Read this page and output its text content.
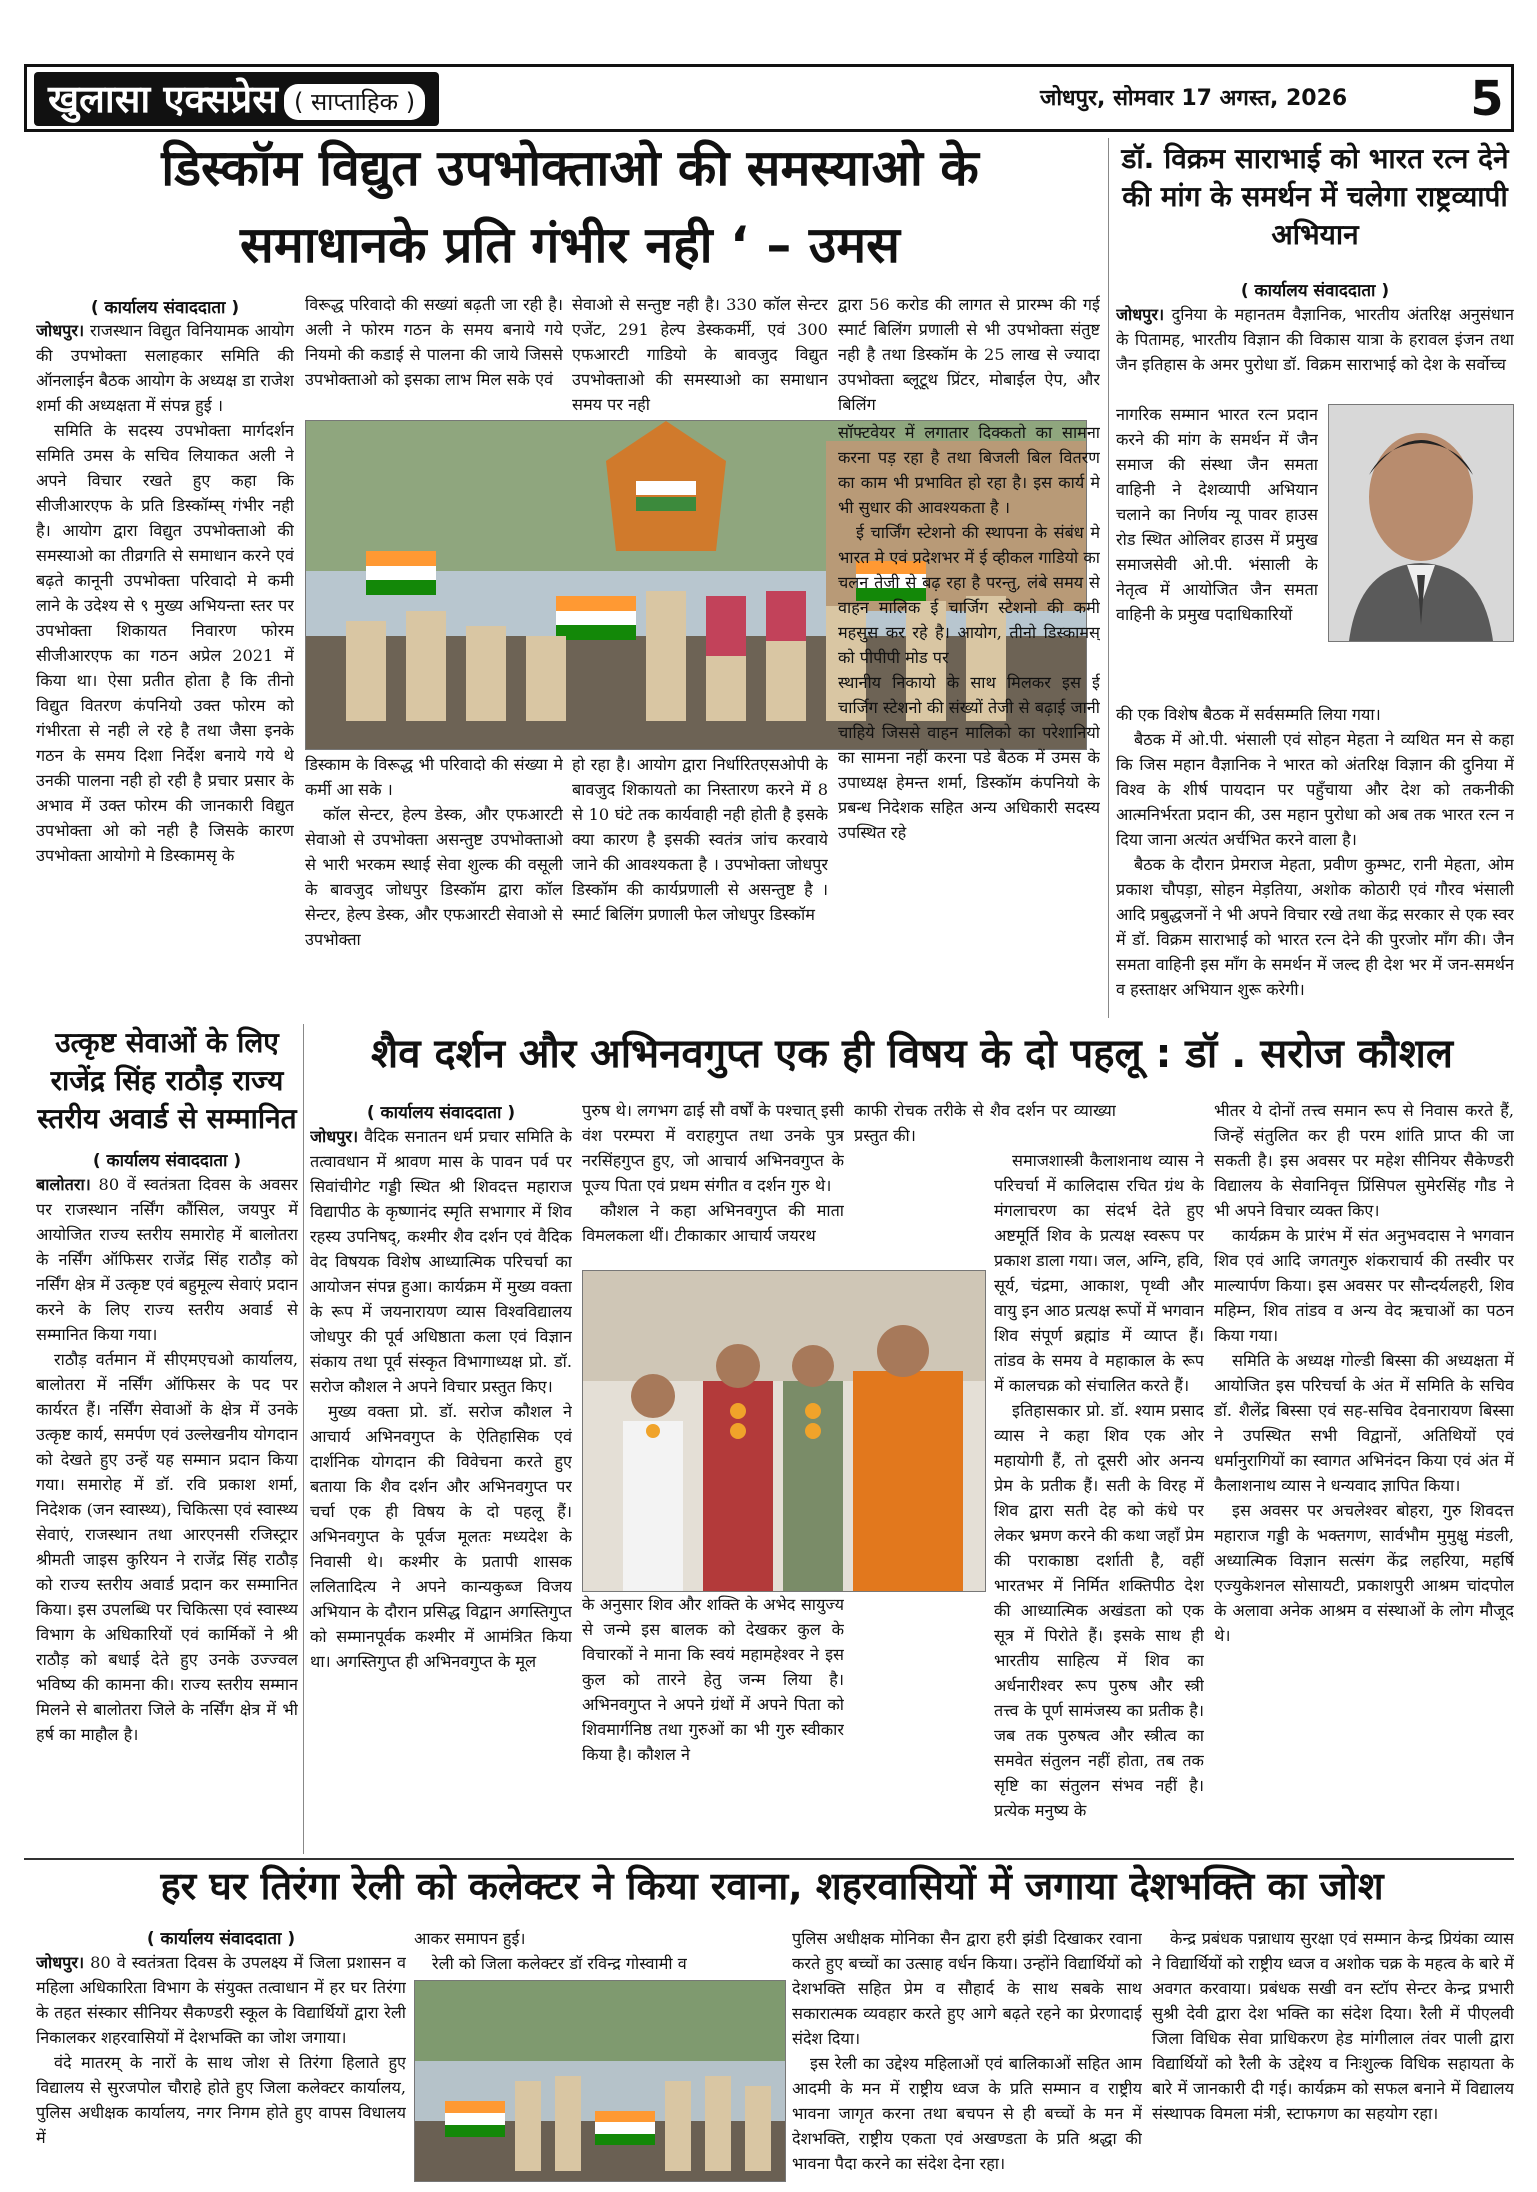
खुलासा एक्सप्रेस ( साप्ताहिक )	जोधपुर, सोमवार 17 अगस्त, 2026	5
डिस्कॉम विद्युत उपभोक्ताओ की समस्याओ के
समाधानके प्रति गंभीर नही ‘ – उमस
( कार्यालय संवाददाता )

जोधपुर। राजस्थान विद्युत विनियामक आयोग की उपभोक्ता सलाहकार समिति की ऑनलाईन बैठक आयोग के अध्यक्ष डा राजेश शर्मा की अध्यक्षता में संपन्न हुई ।

समिति के सदस्य उपभोक्ता मार्गदर्शन समिति उमस के सचिव लियाकत अली ने अपने विचार रखते हुए कहा कि सीजीआरएफ के प्रति डिस्कॉम्स् गंभीर नही है। आयोग द्वारा विद्युत उपभोक्ताओ की समस्याओ का तीव्रगति से समाधान करने एवं बढ़ते कानूनी उपभोक्ता परिवादो मे कमी लाने के उदेश्य से ९ मुख्य अभियन्ता स्तर पर उपभोक्ता शिकायत निवारण फोरम सीजीआरएफ का गठन अप्रेल 2021 में किया था। ऐसा प्रतीत होता है कि तीनो विद्युत वितरण कंपनियो उक्त फोरम को गंभीरता से नही ले रहे है तथा जैसा इनके गठन के समय दिशा निर्देश बनाये गये थे उनकी पालना नही हो रही है प्रचार प्रसार के अभाव में उक्त फोरम की जानकारी विद्युत उपभोक्ता ओ को नही है जिसके कारण उपभोक्ता आयोगो मे डिस्कामसृ के

विरूद्ध परिवादो की सख्यां बढ़ती जा रही है। अली ने फोरम गठन के समय बनाये गये नियमो की कडाई से पालना की जाये जिससे उपभोक्ताओ को इसका लाभ मिल सके एवं

सेवाओ से सन्तुष्ट नही है। 330 कॉल सेन्टर एजेंट, 291 हेल्प डेस्ककर्मी, एवं 300 एफआरटी गाडियो के बावजुद विद्युत उपभोक्ताओ की समस्याओ का समाधान समय पर नही

द्वारा 56 करोड की लागत से प्रारम्भ की गई स्मार्ट बिलिंग प्रणाली से भी उपभोक्ता संतुष्ट नही है तथा डिस्कॉम के 25 लाख से ज्यादा उपभोक्ता ब्लूटूथ प्रिंटर, मोबाईल ऐप, और बिलिंग

डिस्काम के विरूद्ध भी परिवादो की संख्या मे कर्मी आ सके ।

कॉल सेन्टर, हेल्प डेस्क, और एफआरटी सेवाओ से उपभोक्ता असन्तुष्ट उपभोक्ताओ से भारी भरकम स्थाई सेवा शुल्क की वसूली के बावजुद जोधपुर डिस्कॉम द्वारा कॉल सेन्टर, हेल्प डेस्क, और एफआरटी सेवाओ से उपभोक्ता

हो रहा है। आयोग द्वारा निर्धारितएसओपी के बावजुद शिकायतो का निस्तारण करने में 8 से 10 घंटे तक कार्यवाही नही होती है इसके क्या कारण है इसकी स्वतंत्र जांच करवाये जाने की आवश्यकता है । उपभोक्ता जोधपुर डिस्कॉम की कार्यप्रणाली से असन्तुष्ट है । स्मार्ट बिलिंग प्रणाली फेल जोधपुर डिस्कॉम

सॉफ्टवेयर में लगातार दिक्कतो का सामना करना पड़ रहा है तथा बिजली बिल वितरण का काम भी प्रभावित हो रहा है। इस कार्य मे भी सुधार की आवश्यकता है ।

ई चार्जिंग स्टेशनो की स्थापना के संबंध मे भारत मे एवं प्रदेशभर में ई व्हीकल गाडियो का चलन तेजी से बढ़ रहा है परन्तु, लंबे समय से वाहन मालिक ई चार्जिग स्टेशनो की कमी महसुस कर रहे है। आयोग, तीनो डिस्कामस् को पीपीपी मोड पर

स्थानीय निकायो के साथ मिलकर इस ई चार्जिग स्टेशनो की संख्यों तेजी से बढ़ाई जानी चाहिये जिससे वाहन मालिको का परेशानियो का सामना नहीं करना पडे बैठक में उमस के उपाध्यक्ष हेमन्त शर्मा, डिस्कॉम कंपनियो के प्रबन्ध निदेशक सहित अन्य अधिकारी सदस्य उपस्थित रहे

डॉ. विक्रम साराभाई को भारत रत्न देने की मांग के समर्थन में चलेगा राष्ट्रव्यापी अभियान
( कार्यालय संवाददाता )

जोधपुर। दुनिया के महानतम वैज्ञानिक, भारतीय अंतरिक्ष अनुसंधान के पितामह, भारतीय विज्ञान की विकास यात्रा के हरावल इंजन तथा जैन इतिहास के अमर पुरोधा डॉ. विक्रम साराभाई को देश के सर्वोच्च

नागरिक सम्मान भारत रत्न प्रदान करने की मांग के समर्थन में जैन समाज की संस्था जैन समता वाहिनी ने देशव्यापी अभियान चलाने का निर्णय न्यू पावर हाउस रोड स्थित ओलिवर हाउस में प्रमुख समाजसेवी ओ.पी. भंसाली के नेतृत्व में आयोजित जैन समता वाहिनी के प्रमुख पदाधिकारियों

की एक विशेष बैठक में सर्वसम्मति लिया गया।

बैठक में ओ.पी. भंसाली एवं सोहन मेहता ने व्यथित मन से कहा कि जिस महान वैज्ञानिक ने भारत को अंतरिक्ष विज्ञान की दुनिया में विश्व के शीर्ष पायदान पर पहुँचाया और देश को तकनीकी आत्मनिर्भरता प्रदान की, उस महान पुरोधा को अब तक भारत रत्न न दिया जाना अत्यंत अर्चभित करने वाला है।

बैठक के दौरान प्रेमराज मेहता, प्रवीण कुम्भट, रानी मेहता, ओम प्रकाश चौपड़ा, सोहन मेड़तिया, अशोक कोठारी एवं गौरव भंसाली आदि प्रबुद्धजनों ने भी अपने विचार रखे तथा केंद्र सरकार से एक स्वर में डॉ. विक्रम साराभाई को भारत रत्न देने की पुरजोर माँग की। जैन समता वाहिनी इस माँग के समर्थन में जल्द ही देश भर में जन-समर्थन व हस्ताक्षर अभियान शुरू करेगी।

उत्कृष्ट सेवाओं के लिए राजेंद्र सिंह राठौड़ राज्य स्तरीय अवार्ड से सम्मानित
( कार्यालय संवाददाता )

बालोतरा। 80 वें स्वतंत्रता दिवस के अवसर पर राजस्थान नर्सिंग कौंसिल, जयपुर में आयोजित राज्य स्तरीय समारोह में बालोतरा के नर्सिंग ऑफिसर राजेंद्र सिंह राठौड़ को नर्सिंग क्षेत्र में उत्कृष्ट एवं बहुमूल्य सेवाएं प्रदान करने के लिए राज्य स्तरीय अवार्ड से सम्मानित किया गया।

राठौड़ वर्तमान में सीएमएचओ कार्यालय, बालोतरा में नर्सिंग ऑफिसर के पद पर कार्यरत हैं। नर्सिंग सेवाओं के क्षेत्र में उनके उत्कृष्ट कार्य, समर्पण एवं उल्लेखनीय योगदान को देखते हुए उन्हें यह सम्मान प्रदान किया गया। समारोह में डॉ. रवि प्रकाश शर्मा, निदेशक (जन स्वास्थ्य), चिकित्सा एवं स्वास्थ्य सेवाएं, राजस्थान तथा आरएनसी रजिस्ट्रार श्रीमती जाइस कुरियन ने राजेंद्र सिंह राठौड़ को राज्य स्तरीय अवार्ड प्रदान कर सम्मानित किया। इस उपलब्धि पर चिकित्सा एवं स्वास्थ्य विभाग के अधिकारियों एवं कार्मिकों ने श्री राठौड़ को बधाई देते हुए उनके उज्ज्वल भविष्य की कामना की। राज्य स्तरीय सम्मान मिलने से बालोतरा जिले के नर्सिंग क्षेत्र में भी हर्ष का माहौल है।

शैव दर्शन और अभिनवगुप्त एक ही विषय के दो पहलू : डॉ . सरोज कौशल
( कार्यालय संवाददाता )

जोधपुर। वैदिक सनातन धर्म प्रचार समिति के तत्वावधान में श्रावण मास के पावन पर्व पर सिवांचीगेट गड्डी स्थित श्री शिवदत्त महाराज विद्यापीठ के कृष्णानंद स्मृति सभागार में शिव रहस्य उपनिषद्, कश्मीर शैव दर्शन एवं वैदिक वेद विषयक विशेष आध्यात्मिक परिचर्चा का आयोजन संपन्न हुआ। कार्यक्रम में मुख्य वक्ता के रूप में जयनारायण व्यास विश्वविद्यालय जोधपुर की पूर्व अधिष्ठाता कला एवं विज्ञान संकाय तथा पूर्व संस्कृत विभागाध्यक्ष प्रो. डॉ. सरोज कौशल ने अपने विचार प्रस्तुत किए।

मुख्य वक्ता प्रो. डॉ. सरोज कौशल ने आचार्य अभिनवगुप्त के ऐतिहासिक एवं दार्शनिक योगदान की विवेचना करते हुए बताया कि शैव दर्शन और अभिनवगुप्त पर चर्चा एक ही विषय के दो पहलू हैं। अभिनवगुप्त के पूर्वज मूलतः मध्यदेश के निवासी थे। कश्मीर के प्रतापी शासक ललितादित्य ने अपने कान्यकुब्ज विजय अभियान के दौरान प्रसिद्ध विद्वान अगस्तिगुप्त को सम्मानपूर्वक कश्मीर में आमंत्रित किया था। अगस्तिगुप्त ही अभिनवगुप्त के मूल

पुरुष थे। लगभग ढाई सौ वर्षों के पश्चात् इसी वंश परम्परा में वराहगुप्त तथा उनके पुत्र नरसिंहगुप्त हुए, जो आचार्य अभिनवगुप्त के पूज्य पिता एवं प्रथम संगीत व दर्शन गुरु थे।

कौशल ने कहा अभिनवगुप्त की माता विमलकला थीं। टीकाकार आचार्य जयरथ

काफी रोचक तरीके से शैव दर्शन पर व्याख्या प्रस्तुत की।

के अनुसार शिव और शक्ति के अभेद सायुज्य से जन्मे इस बालक को देखकर कुल के विचारकों ने माना कि स्वयं महामहेश्वर ने इस कुल को तारने हेतु जन्म लिया है। अभिनवगुप्त ने अपने ग्रंथों में अपने पिता को शिवमार्गनिष्ठ तथा गुरुओं का भी गुरु स्वीकार किया है। कौशल ने

समाजशास्त्री कैलाशनाथ व्यास ने परिचर्चा में कालिदास रचित ग्रंथ के मंगलाचरण का संदर्भ देते हुए अष्टमूर्ति शिव के प्रत्यक्ष स्वरूप पर प्रकाश डाला गया। जल, अग्नि, हवि, सूर्य, चंद्रमा, आकाश, पृथ्वी और वायु इन आठ प्रत्यक्ष रूपों में भगवान शिव संपूर्ण ब्रह्मांड में व्याप्त हैं। तांडव के समय वे महाकाल के रूप में कालचक्र को संचालित करते हैं।

इतिहासकार प्रो. डॉ. श्याम प्रसाद व्यास ने कहा शिव एक ओर महायोगी हैं, तो दूसरी ओर अनन्य प्रेम के प्रतीक हैं। सती के विरह में शिव द्वारा सती देह को कंधे पर लेकर भ्रमण करने की कथा जहाँ प्रेम की पराकाष्ठा दर्शाती है, वहीं भारतभर में निर्मित शक्तिपीठ देश की आध्यात्मिक अखंडता को एक सूत्र में पिरोते हैं। इसके साथ ही भारतीय साहित्य में शिव का अर्धनारीश्वर रूप पुरुष और स्त्री तत्त्व के पूर्ण सामंजस्य का प्रतीक है। जब तक पुरुषत्व और स्त्रीत्व का समवेत संतुलन नहीं होता, तब तक सृष्टि का संतुलन संभव नहीं है। प्रत्येक मनुष्य के

भीतर ये दोनों तत्त्व समान रूप से निवास करते हैं, जिन्हें संतुलित कर ही परम शांति प्राप्त की जा सकती है। इस अवसर पर महेश सीनियर सैकेण्डरी विद्यालय के सेवानिवृत्त प्रिंसिपल सुमेरसिंह गौड ने भी अपने विचार व्यक्त किए।

कार्यक्रम के प्रारंभ में संत अनुभवदास ने भगवान शिव एवं आदि जगतगुरु शंकराचार्य की तस्वीर पर माल्यार्पण किया। इस अवसर पर सौन्दर्यलहरी, शिव महिम्न, शिव तांडव व अन्य वेद ऋचाओं का पठन किया गया।

समिति के अध्यक्ष गोल्डी बिस्सा की अध्यक्षता में आयोजित इस परिचर्चा के अंत में समिति के सचिव डॉ. शैलेंद्र बिस्सा एवं सह-सचिव देवनारायण बिस्सा ने उपस्थित सभी विद्वानों, अतिथियों एवं धर्मानुरागियों का स्वागत अभिनंदन किया एवं अंत में कैलाशनाथ व्यास ने धन्यवाद ज्ञापित किया।

इस अवसर पर अचलेश्वर बोहरा, गुरु शिवदत्त महाराज गड्डी के भक्तगण, सार्वभौम मुमुक्षु मंडली, अध्यात्मिक विज्ञान सत्संग केंद्र लहरिया, महर्षि एज्युकेशनल सोसायटी, प्रकाशपुरी आश्रम चांदपोल के अलावा अनेक आश्रम व संस्थाओं के लोग मौजूद थे।

हर घर तिरंगा रेली को कलेक्टर ने किया रवाना, शहरवासियों में जगाया देशभक्ति का जोश
( कार्यालय संवाददाता )

जोधपुर। 80 वे स्वतंत्रता दिवस के उपलक्ष्य में जिला प्रशासन व महिला अधिकारिता विभाग के संयुक्त तत्वाधान में हर घर तिरंगा के तहत संस्कार सीनियर सैकण्डरी स्कूल के विद्यार्थियों द्वारा रेली निकालकर शहरवासियों में देशभक्ति का जोश जगाया।

वंदे मातरम् के नारों के साथ जोश से तिरंगा हिलाते हुए विद्यालय से सुरजपोल चौराहे होते हुए जिला कलेक्टर कार्यालय, पुलिस अधीक्षक कार्यालय, नगर निगम होते हुए वापस विधालय में

आकर समापन हुई।

रेली को जिला कलेक्टर डॉ रविन्द्र गोस्वामी व

पुलिस अधीक्षक मोनिका सैन द्वारा हरी झंडी दिखाकर रवाना करते हुए बच्चों का उत्साह वर्धन किया। उन्होंने विद्यार्थियों को देशभक्ति सहित प्रेम व सौहार्द के साथ सबके साथ सकारात्मक व्यवहार करते हुए आगे बढ़ते रहने का प्रेरणादाई संदेश दिया।

इस रेली का उद्देश्य महिलाओं एवं बालिकाओं सहित आम आदमी के मन में राष्ट्रीय ध्वज के प्रति सम्मान व राष्ट्रीय भावना जागृत करना तथा बचपन से ही बच्चों के मन में देशभक्ति, राष्ट्रीय एकता एवं अखण्डता के प्रति श्रद्धा की भावना पैदा करने का संदेश देना रहा।

केन्द्र प्रबंधक पन्नाधाय सुरक्षा एवं सम्मान केन्द्र प्रियंका व्यास ने विद्यार्थियों को राष्ट्रीय ध्वज व अशोक चक्र के महत्व के बारे में अवगत करवाया। प्रबंधक सखी वन स्टॉप सेन्टर केन्द्र प्रभारी सुश्री देवी द्वारा देश भक्ति का संदेश दिया। रैली में पीएलवी जिला विधिक सेवा प्राधिकरण हेड मांगीलाल तंवर पाली द्वारा विद्यार्थियों को रैली के उद्देश्य व निःशुल्क विधिक सहायता के बारे में जानकारी दी गई। कार्यक्रम को सफल बनाने में विद्यालय संस्थापक विमला मंत्री, स्टाफगण का सहयोग रहा।
